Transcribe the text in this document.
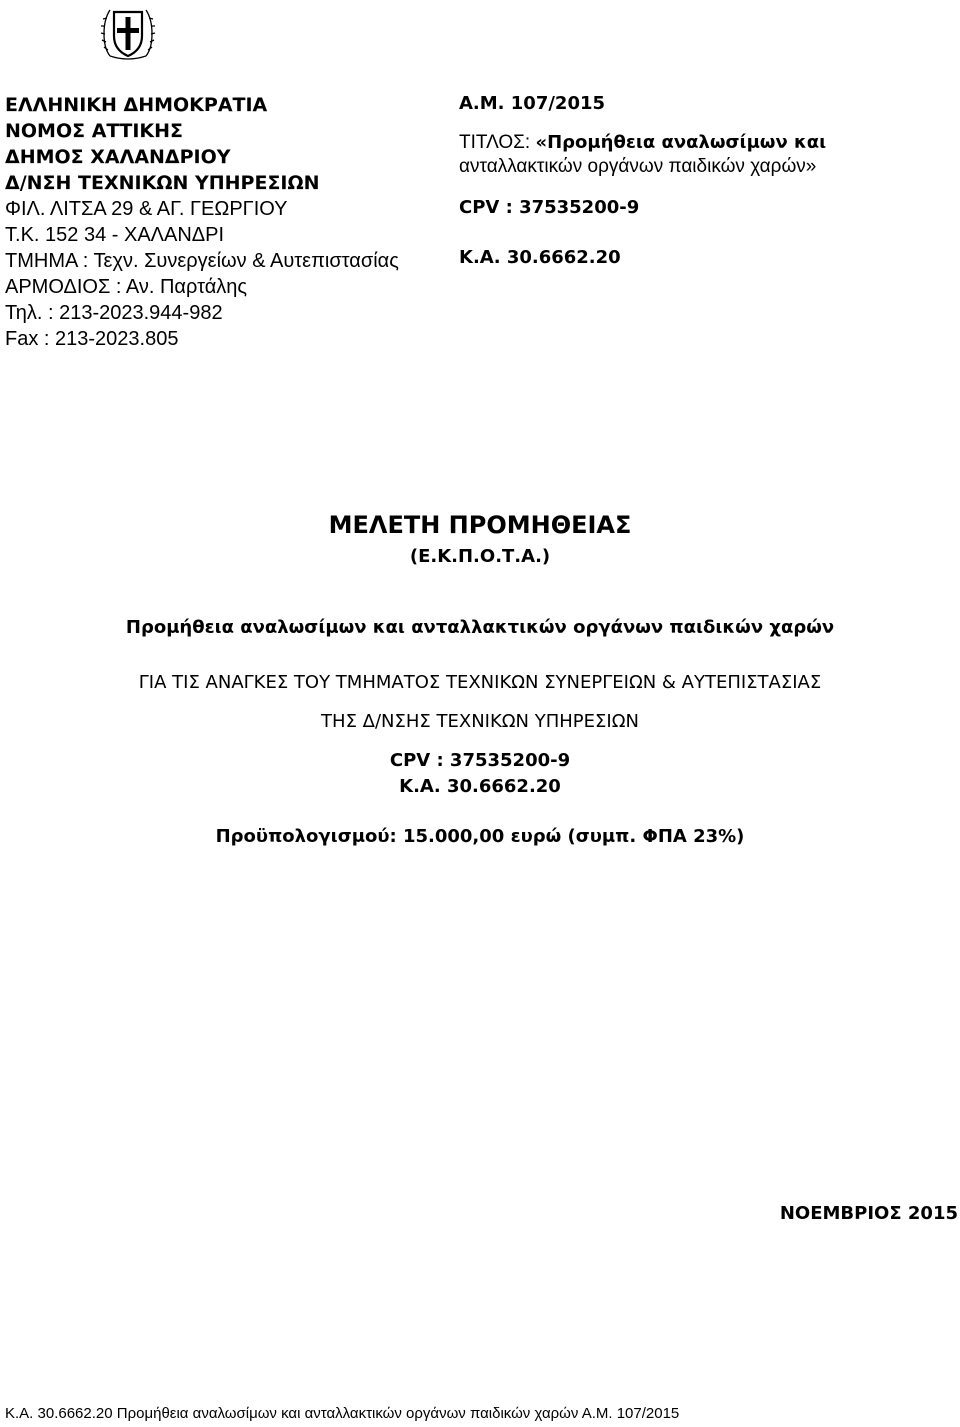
ΕΛΛΗΝΙΚΗ ΔΗΜΟΚΡΑΤΙΑ
ΝΟΜΟΣ ΑΤΤΙΚΗΣ
ΔΗΜΟΣ ΧΑΛΑΝΔΡΙΟΥ
Δ/ΝΣΗ ΤΕΧΝΙΚΩΝ ΥΠΗΡΕΣΙΩΝ
ΦΙΛ. ΛΙΤΣΑ 29 & ΑΓ. ΓΕΩΡΓΙΟΥ
Τ.Κ. 152 34 - ΧΑΛΑΝΔΡΙ
ΤΜΗΜΑ : Τεχν. Συνεργείων & Αυτεπιστασίας
ΑΡΜΟΔΙΟΣ : Αν. Παρτάλης
Τηλ. : 213-2023.944-982
Fax : 213-2023.805
Α.Μ. 107/2015
ΤΙΤΛΟΣ: «Προμήθεια αναλωσίμων και
ανταλλακτικών οργάνων παιδικών χαρών»
CPV : 37535200-9
Κ.Α. 30.6662.20
ΜΕΛΕΤΗ ΠΡΟΜΗΘΕΙΑΣ
(Ε.Κ.Π.Ο.Τ.Α.)
Προμήθεια αναλωσίμων και ανταλλακτικών οργάνων παιδικών χαρών
ΓΙΑ ΤΙΣ ΑΝΑΓΚΕΣ ΤΟΥ ΤΜΗΜΑΤΟΣ ΤΕΧΝΙΚΩΝ ΣΥΝΕΡΓΕΙΩΝ & ΑΥΤΕΠΙΣΤΑΣΙΑΣ
ΤΗΣ Δ/ΝΣΗΣ ΤΕΧΝΙΚΩΝ ΥΠΗΡΕΣΙΩΝ
CPV : 37535200-9
Κ.Α. 30.6662.20
Προϋπολογισμού: 15.000,00 ευρώ (συμπ. ΦΠΑ 23%)
ΝΟΕΜΒΡΙΟΣ 2015
Κ.Α. 30.6662.20 Προμήθεια αναλωσίμων και ανταλλακτικών οργάνων παιδικών χαρών Α.Μ. 107/2015
